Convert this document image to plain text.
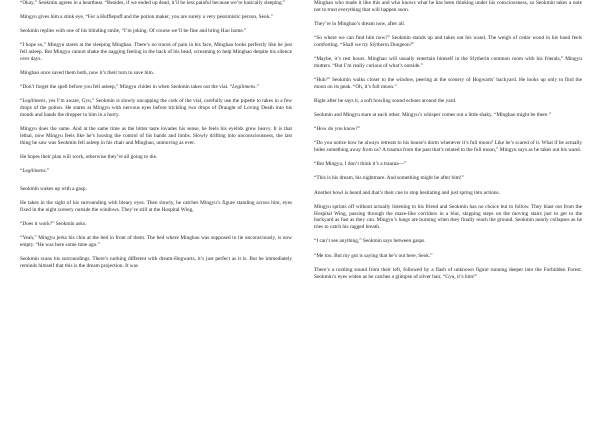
“Okay,” Seokmin agrees in a heartbeat. “Besides, if we ended up dead, it’ll be less painful because we’re basically sleeping.”

Mingyu gives him a stink eye, “For a Hufflepuff and the potion maker, you are surely a very pessimistic person, Seok.”

Seokmin replies with one of his blinding smile, “I’m joking. Of course we’ll be fine and bring Hao home.”

“I hope so,” Mingyu stares at the sleeping Minghao. There’s no traces of pain in his face, Minghao looks perfectly like he just fell asleep. But Mingyu cannot shake the nagging feeling in the back of his head, screaming to help Minghao despite his silence over days.

Minghao once saved them both, now it’s their turn to save him.

“Don’t forget the spell before you fell asleep,” Mingyu chides in when Seokmin takes out the vial. “Legilimens.”

“Legilimens, yes I’m aware, Gyu,” Seokmin is slowly uncapping the cork of the vial, carefully use the pipette to takes in a few drops of the potion. He stares at Mingyu with nervous eyes before trickling two drops of Draught of Loving Death into his mouth and hands the dropper to him in a hurry.

Mingyu does the same. And at the same time as the bitter taste invades his sense, he feels his eyelids grew heavy. It is that lethal, now Mingyu feels like he’s loosing the control of his hands and limbs. Slowly drifting into unconsciousness, the last thing he saw was Seokmin fell asleep in his chair and Minghao, unmoving as ever.

He hopes their plan will work, otherwise they’re all going to die.

“Legilimens.”

Seokmin wakes up with a gasp.

He takes in the sight of his surrounding with bleary eyes. Then slowly, he catches Mingyu’s figure standing across him, eyes fixed in the night scenery outside the windows. They’re still at the Hospital Wing,

“Does it work?” Seokmin asks.

“Yeah,” Mingyu jerks his chin at the bed in front of them. The bed where Minghao was supposed to lie unconsciously, is now empty. “He was here some time ago.”

Seokmin scans his surroundings. There’s nothing different with dream-Hogwarts, it’s just perfect as it is. But he immediately reminds himself that this is the dream projection. It was

Minghao who made it like this and who knows what he has been thinking under his consciousness, so Seokmin takes a note not to trust everything that will happen soon.

They’re in Minghao’s dream now, after all.

“So where we can find him now?” Seokmin stands up and takes out his wand. The weigh of cedar wood in his hand feels comforting. “Shall we try Slytherin Dungeon?”

“Maybe, it’s rest hours. Minghao will usually entertain himself in the Slytherin common room with his friends,” Mingyu mutters. “But I’m really curious of what’s outside.”

“Huh?” Seokmin walks closer to the window, peering at the scenery of Hogwarts’ backyard. He looks up only to find the moon on its peak. “Oh, it’s full moon.”

Right after he says it, a soft howling sound echoes around the yard.

Seokmin and Mingyu stare at each other. Mingyu’s whisper comes out a little shaky, “Minghao might be there.”

“How do you know?”

“Do you notice how he always retreats to his house’s dorm whenever it’s full moon? Like he’s scared of it. What if he actually hides something away from us? A trauma from the past that’s related to the full moon,” Mingyu says as he takes out his wand.

“But Mingyu, I don’t think it’s a trauma—”

“This is his dream, his nightmare. And something might be after him!”

Another howl is heard and that’s their cue to stop hesitating and just spring into actions.

Mingyu sprints off without actually listening to his friend and Seokmin has no choice but to follow. They blast out from the Hospital Wing, passing through the maze-like corridors in a blur, skipping steps on the moving stairs just to get to the backyard as fast as they can. Mingyu’s lungs are burning when they finally reach the ground. Seokmin nearly collapses as he tries to catch his ragged breath.

“I can’t see anything,” Seokmin says between gasps.

“Me too. But my gut is saying that he’s out here, Seok.”

There’s a rustling sound from their left, followed by a flash of unknown figure running deeper into the Forbidden Forest. Seokmin’s eyes widen as he catches a glimpse of silver hair, “Gyu, it’s him!”
